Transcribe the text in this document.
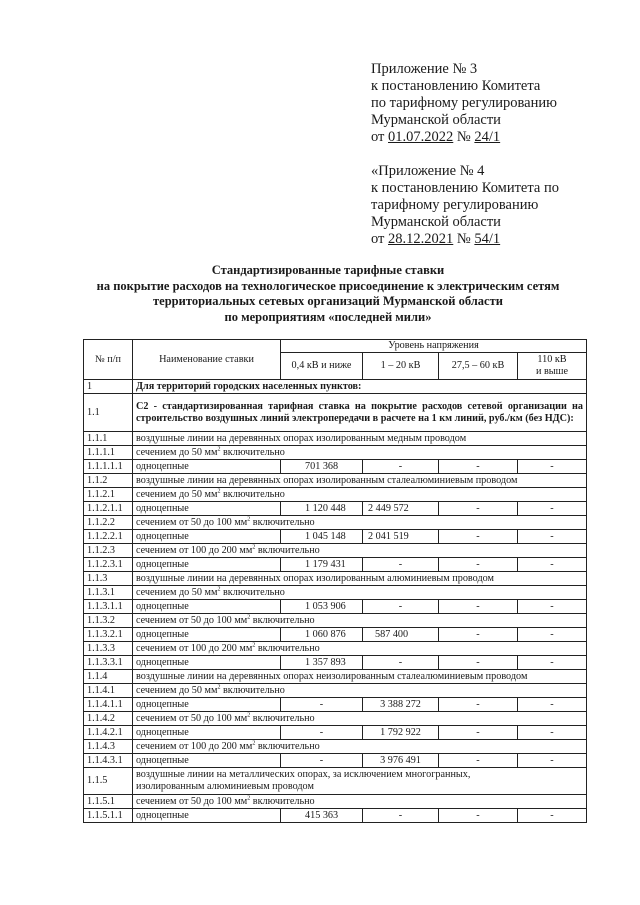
Приложение № 3
к постановлению Комитета
по тарифному регулированию
Мурманской области
от 01.07.2022 № 24/1
«Приложение № 4
к постановлению Комитета по
тарифному регулированию
Мурманской области
от 28.12.2021 № 54/1
Стандартизированные тарифные ставки
на покрытие расходов на технологическое присоединение к электрическим сетям
территориальных сетевых организаций Мурманской области
по мероприятиям «последней мили»
№ п/п	Наименование ставки	Уровень напряжения			
		0,4 кВ и ниже	1 – 20 кВ	27,5 – 60 кВ	110 кВ
и выше

1	Для территорий городских населенных пунктов:				
1.1	С2 - стандартизированная тарифная ставка на покрытие расходов сетевой организации на строительство воздушных линий электропередачи в расчете на 1 км линий, руб./км (без НДС):				
1.1.1	воздушные линии на деревянных опорах изолированным медным проводом				
1.1.1.1	сечением до 50 $мм^2$ включительно				
1.1.1.1.1	одноцепные	701 368	-	-	-
1.1.2	воздушные линии на деревянных опорах изолированным сталеалюминиевым проводом				
1.1.2.1	сечением до 50 $мм^2$ включительно				
1.1.2.1.1	одноцепные	1 120 448	2 449 572	-	-
1.1.2.2	сечением от 50 до 100 $мм^2$ включительно				
1.1.2.2.1	одноцепные	1 045 148	2 041 519	-	-
1.1.2.3	сечением от 100 до 200 $мм^2$ включительно				
1.1.2.3.1	одноцепные	1 179 431	-	-	-
1.1.3	воздушные линии на деревянных опорах изолированным алюминиевым проводом				
1.1.3.1	сечением до 50 $мм^2$ включительно				
1.1.3.1.1	одноцепные	1 053 906	-	-	-
1.1.3.2	сечением от 50 до 100 $мм^2$ включительно				
1.1.3.2.1	одноцепные	1 060 876	587 400	-	-
1.1.3.3	сечением от 100 до 200 $мм^2$ включительно				
1.1.3.3.1	одноцепные	1 357 893	-	-	-
1.1.4	воздушные линии на деревянных опорах неизолированным сталеалюминиевым проводом				
1.1.4.1	сечением до 50 $мм^2$ включительно				
1.1.4.1.1	одноцепные	-	3 388 272	-	-
1.1.4.2	сечением от 50 до 100 $мм^2$ включительно				
1.1.4.2.1	одноцепные	-	1 792 922	-	-
1.1.4.3	сечением от 100 до 200 $мм^2$ включительно				
1.1.4.3.1	одноцепные	-	3 976 491	-	-
1.1.5	воздушные линии на металлических опорах, за исключением многогранных,
изолированным алюминиевым проводом				

1.1.5.1	сечением от 50 до 100 $мм^2$ включительно				
1.1.5.1.1	одноцепные	415 363	-	-	-
